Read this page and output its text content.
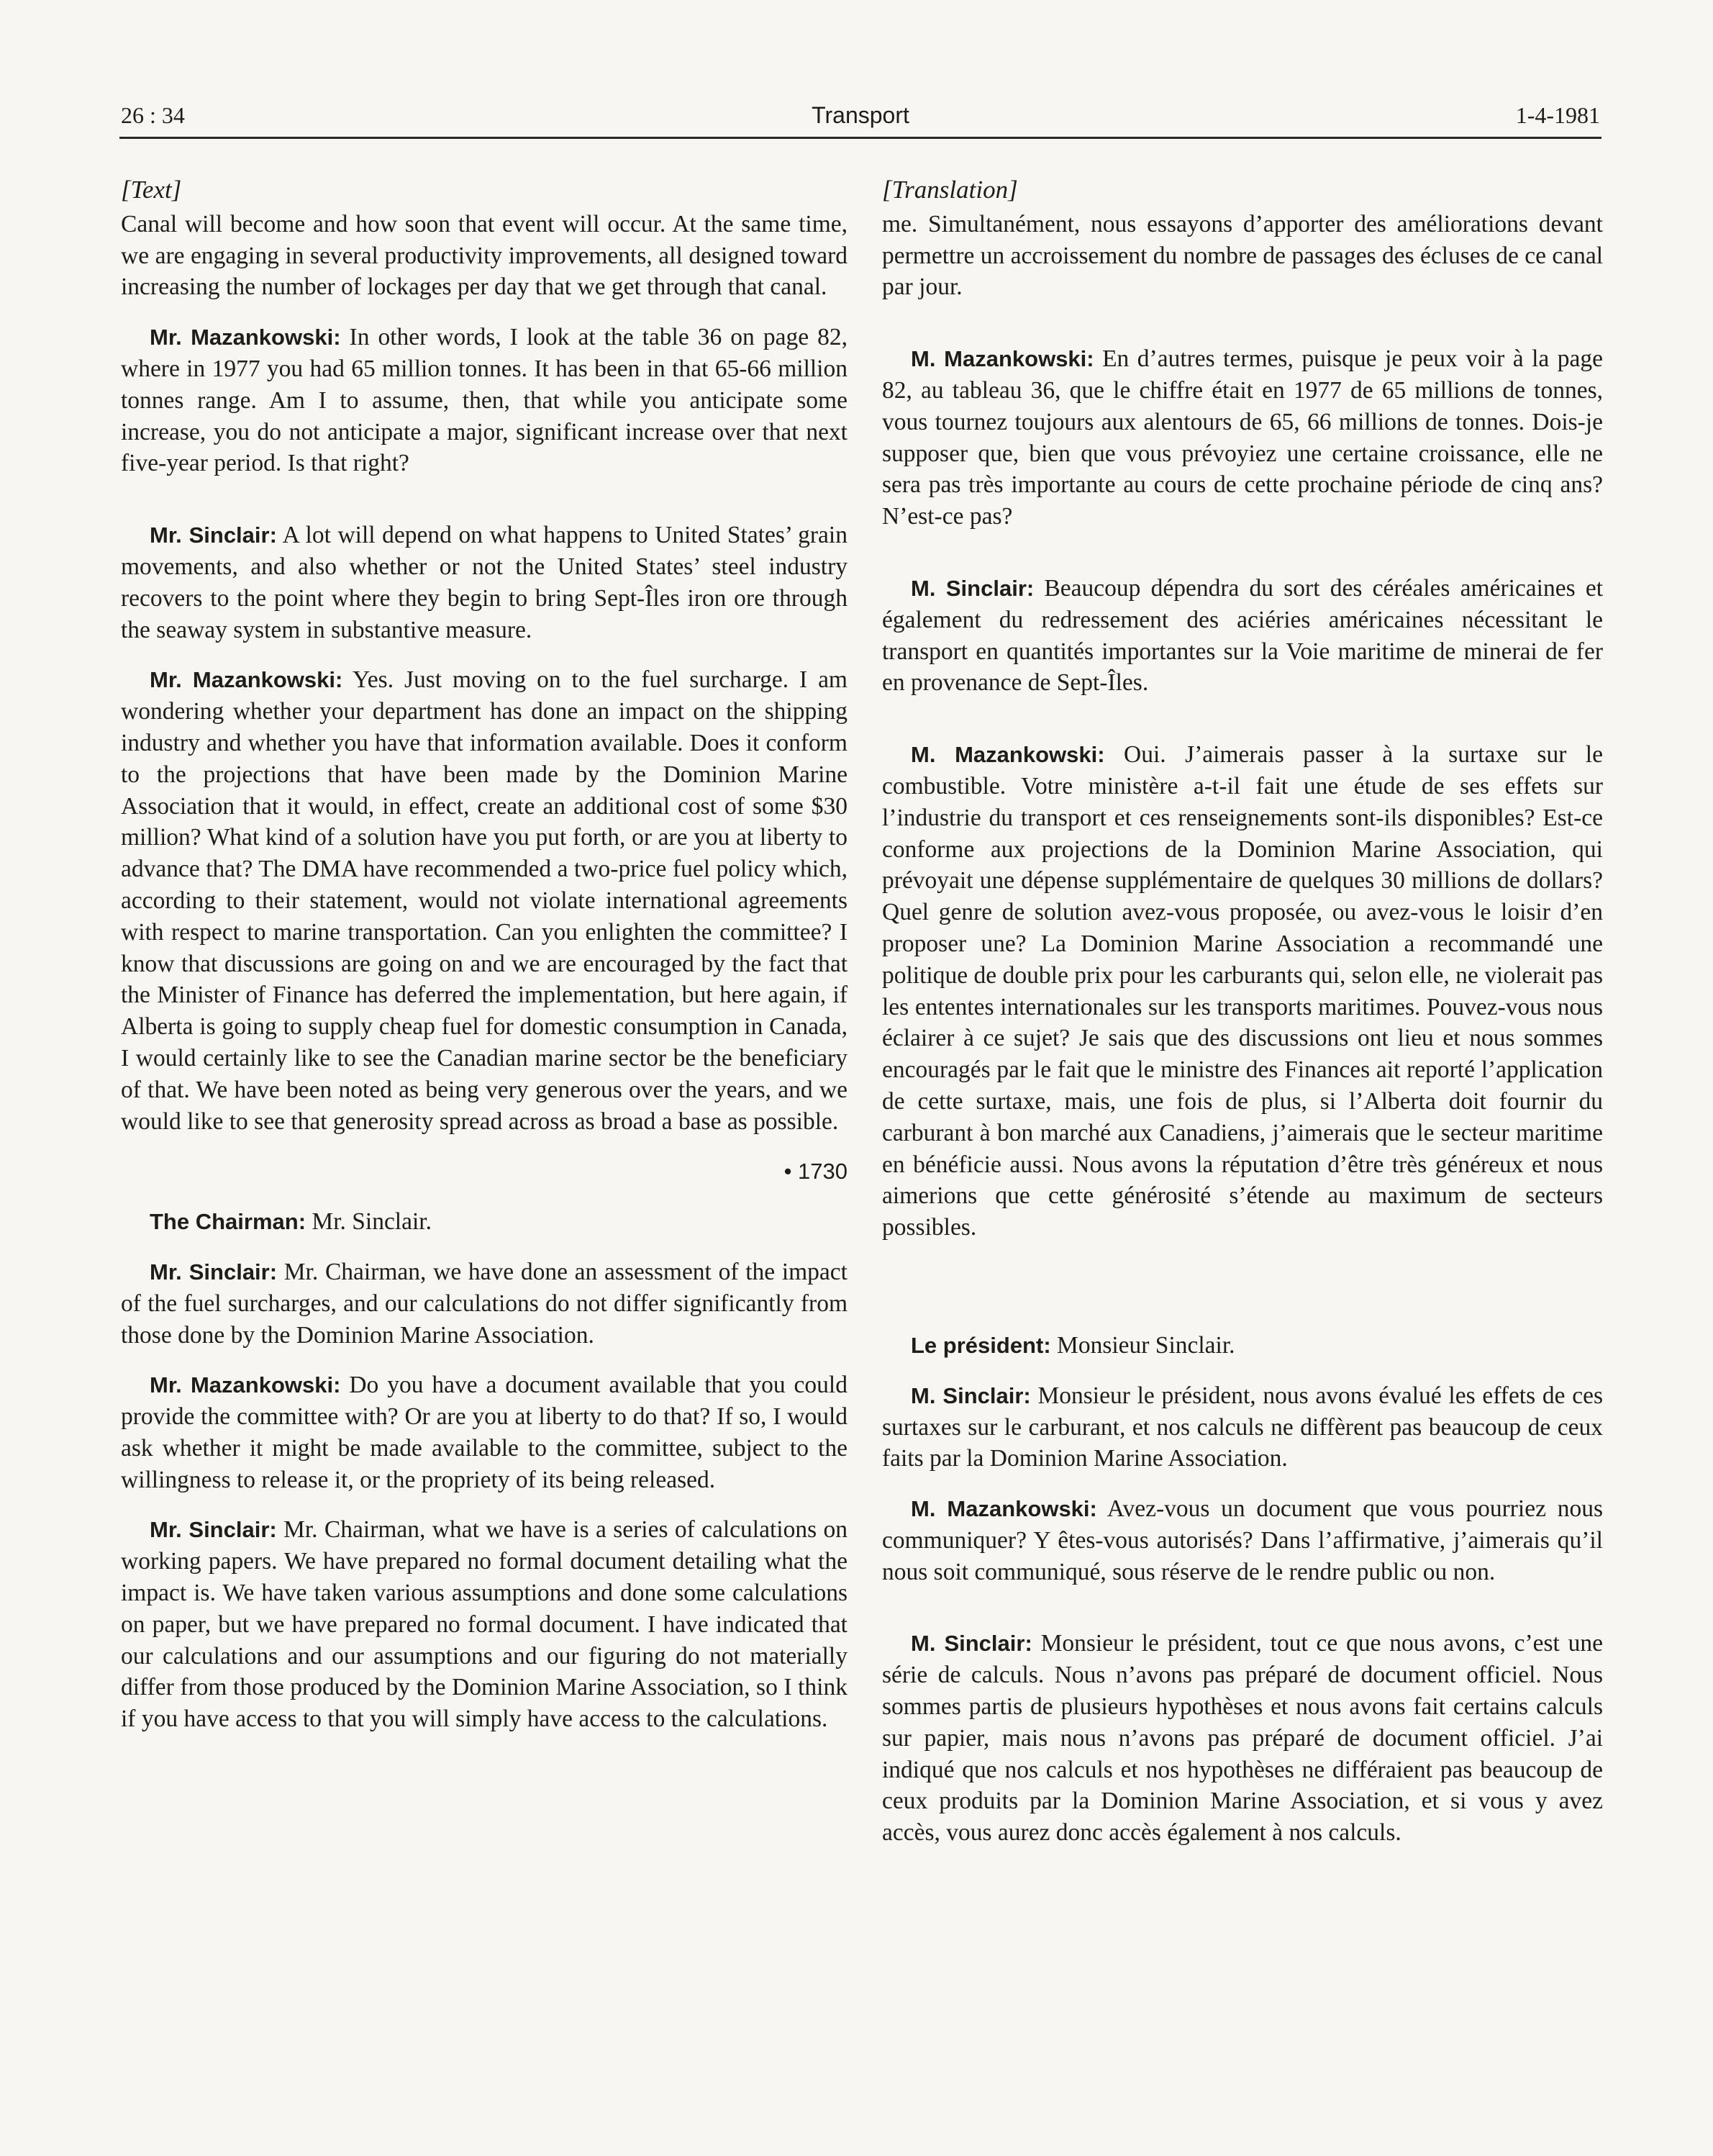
26 : 34	Transport	1-4-1981

[Text]

Canal will become and how soon that event will occur. At the same time, we are engaging in several productivity improvements, all designed toward increasing the number of lockages per day that we get through that canal.

Mr. Mazankowski: In other words, I look at the table 36 on page 82, where in 1977 you had 65 million tonnes. It has been in that 65-66 million tonnes range. Am I to assume, then, that while you anticipate some increase, you do not anticipate a major, significant increase over that next five-year period. Is that right?

Mr. Sinclair: A lot will depend on what happens to United States’ grain movements, and also whether or not the United States’ steel industry recovers to the point where they begin to bring Sept-Îles iron ore through the seaway system in substantive measure.

Mr. Mazankowski: Yes. Just moving on to the fuel surcharge. I am wondering whether your department has done an impact on the shipping industry and whether you have that information available. Does it conform to the projections that have been made by the Dominion Marine Association that it would, in effect, create an additional cost of some $30 million? What kind of a solution have you put forth, or are you at liberty to advance that? The DMA have recommended a two-price fuel policy which, according to their statement, would not violate international agreements with respect to marine transportation. Can you enlighten the committee? I know that discussions are going on and we are encouraged by the fact that the Minister of Finance has deferred the implementation, but here again, if Alberta is going to supply cheap fuel for domestic consumption in Canada, I would certainly like to see the Canadian marine sector be the beneficiary of that. We have been noted as being very generous over the years, and we would like to see that generosity spread across as broad a base as possible.

• 1730

The Chairman: Mr. Sinclair.

Mr. Sinclair: Mr. Chairman, we have done an assessment of the impact of the fuel surcharges, and our calculations do not differ significantly from those done by the Dominion Marine Association.

Mr. Mazankowski: Do you have a document available that you could provide the committee with? Or are you at liberty to do that? If so, I would ask whether it might be made available to the committee, subject to the willingness to release it, or the propriety of its being released.

Mr. Sinclair: Mr. Chairman, what we have is a series of calculations on working papers. We have prepared no formal document detailing what the impact is. We have taken various assumptions and done some calculations on paper, but we have prepared no formal document. I have indicated that our calculations and our assumptions and our figuring do not materially differ from those produced by the Dominion Marine Association, so I think if you have access to that you will simply have access to the calculations.

[Translation]

me. Simultanément, nous essayons d’apporter des améliorations devant permettre un accroissement du nombre de passages des écluses de ce canal par jour.

M. Mazankowski: En d’autres termes, puisque je peux voir à la page 82, au tableau 36, que le chiffre était en 1977 de 65 millions de tonnes, vous tournez toujours aux alentours de 65, 66 millions de tonnes. Dois-je supposer que, bien que vous prévoyiez une certaine croissance, elle ne sera pas très importante au cours de cette prochaine période de cinq ans? N’est-ce pas?

M. Sinclair: Beaucoup dépendra du sort des céréales américaines et également du redressement des aciéries américaines nécessitant le transport en quantités importantes sur la Voie maritime de minerai de fer en provenance de Sept-Îles.

M. Mazankowski: Oui. J’aimerais passer à la surtaxe sur le combustible. Votre ministère a-t-il fait une étude de ses effets sur l’industrie du transport et ces renseignements sont-ils disponibles? Est-ce conforme aux projections de la Dominion Marine Association, qui prévoyait une dépense supplémentaire de quelques 30 millions de dollars? Quel genre de solution avez-vous proposée, ou avez-vous le loisir d’en proposer une? La Dominion Marine Association a recommandé une politique de double prix pour les carburants qui, selon elle, ne violerait pas les ententes internationales sur les transports maritimes. Pouvez-vous nous éclairer à ce sujet? Je sais que des discussions ont lieu et nous sommes encouragés par le fait que le ministre des Finances ait reporté l’application de cette surtaxe, mais, une fois de plus, si l’Alberta doit fournir du carburant à bon marché aux Canadiens, j’aimerais que le secteur maritime en bénéficie aussi. Nous avons la réputation d’être très généreux et nous aimerions que cette générosité s’étende au maximum de secteurs possibles.

Le président: Monsieur Sinclair.

M. Sinclair: Monsieur le président, nous avons évalué les effets de ces surtaxes sur le carburant, et nos calculs ne diffèrent pas beaucoup de ceux faits par la Dominion Marine Association.

M. Mazankowski: Avez-vous un document que vous pourriez nous communiquer? Y êtes-vous autorisés? Dans l’affirmative, j’aimerais qu’il nous soit communiqué, sous réserve de le rendre public ou non.

M. Sinclair: Monsieur le président, tout ce que nous avons, c’est une série de calculs. Nous n’avons pas préparé de document officiel. Nous sommes partis de plusieurs hypothèses et nous avons fait certains calculs sur papier, mais nous n’avons pas préparé de document officiel. J’ai indiqué que nos calculs et nos hypothèses ne différaient pas beaucoup de ceux produits par la Dominion Marine Association, et si vous y avez accès, vous aurez donc accès également à nos calculs.
